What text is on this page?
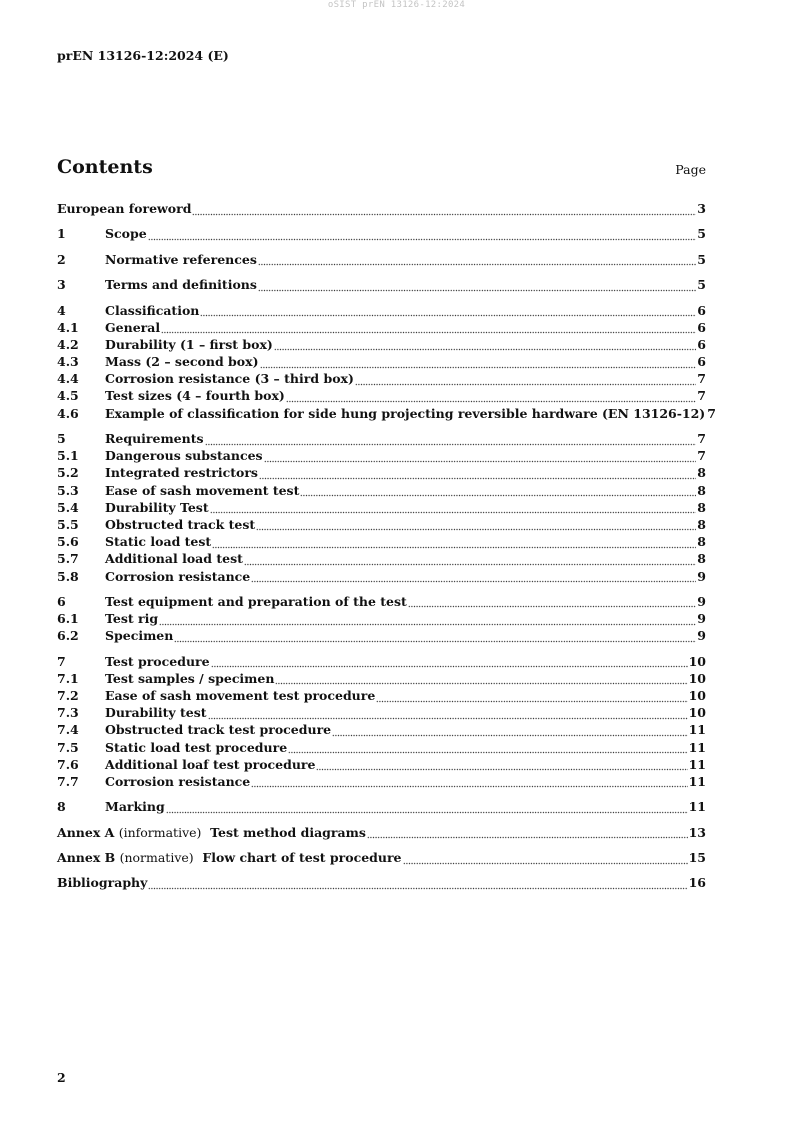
oSIST prEN 13126-12:2024
prEN 13126-12:2024 (E)
Contents	Page
European foreword	3
1	Scope	5
2	Normative references	5
3	Terms and definitions	5
4	Classification	6
4.1	General	6
4.2	Durability (1 – first box)	6
4.3	Mass (2 – second box)	6
4.4	Corrosion resistance (3 – third box)	7
4.5	Test sizes (4 – fourth box)	7
4.6	Example of classification for side hung projecting reversible hardware (EN 13126-12) 7
5	Requirements	7
5.1	Dangerous substances	7
5.2	Integrated restrictors	8
5.3	Ease of sash movement test	8
5.4	Durability Test	8
5.5	Obstructed track test	8
5.6	Static load test	8
5.7	Additional load test	8
5.8	Corrosion resistance	9
6	Test equipment and preparation of the test	9
6.1	Test rig	9
6.2	Specimen	9
7	Test procedure	10
7.1	Test samples / specimen	10
7.2	Ease of sash movement test procedure	10
7.3	Durability test	10
7.4	Obstructed track test procedure	11
7.5	Static load test procedure	11
7.6	Additional loaf test procedure	11
7.7	Corrosion resistance	11
8	Marking	11
Annex A (informative) Test method diagrams	13
Annex B (normative) Flow chart of test procedure	15
Bibliography	16
2
